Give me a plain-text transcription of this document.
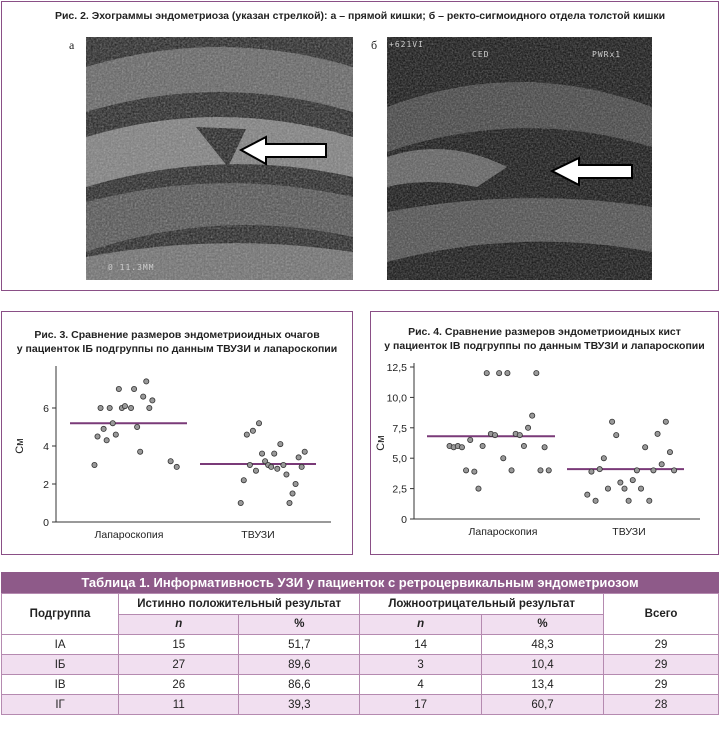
Рис. 2. Эхограммы эндометриоза (указан стрелкой): а – прямой кишки; б – ректо-сигмоидного отдела толстой кишки
а	б
0 11.3MM
+621VI
CED	PWRx1
Рис. 3. Сравнение размеров эндометриоидных очагов
у пациенток IБ подгруппы по данным ТВУЗИ и лапароскопии
0
2
4
6
См
Лапароскопия	ТВУЗИ
Рис. 4. Сравнение размеров эндометриоидных кист
у пациенток IВ подгруппы по данным ТВУЗИ и лапароскопии
0
2,5
5,0
7,5
10,0
12,5
См
Лапароскопия	ТВУЗИ
Таблица 1. Информативность УЗИ у пациенток с ретроцервикальным эндометриозом
Подгруппа	Истинно положительный результат		Ложноотрицательный результат		Всего
	n	%	n	%	
IA	15	51,7	14	48,3	29
IБ	27	89,6	3	10,4	29
IВ	26	86,6	4	13,4	29
IГ	11	39,3	17	60,7	28
